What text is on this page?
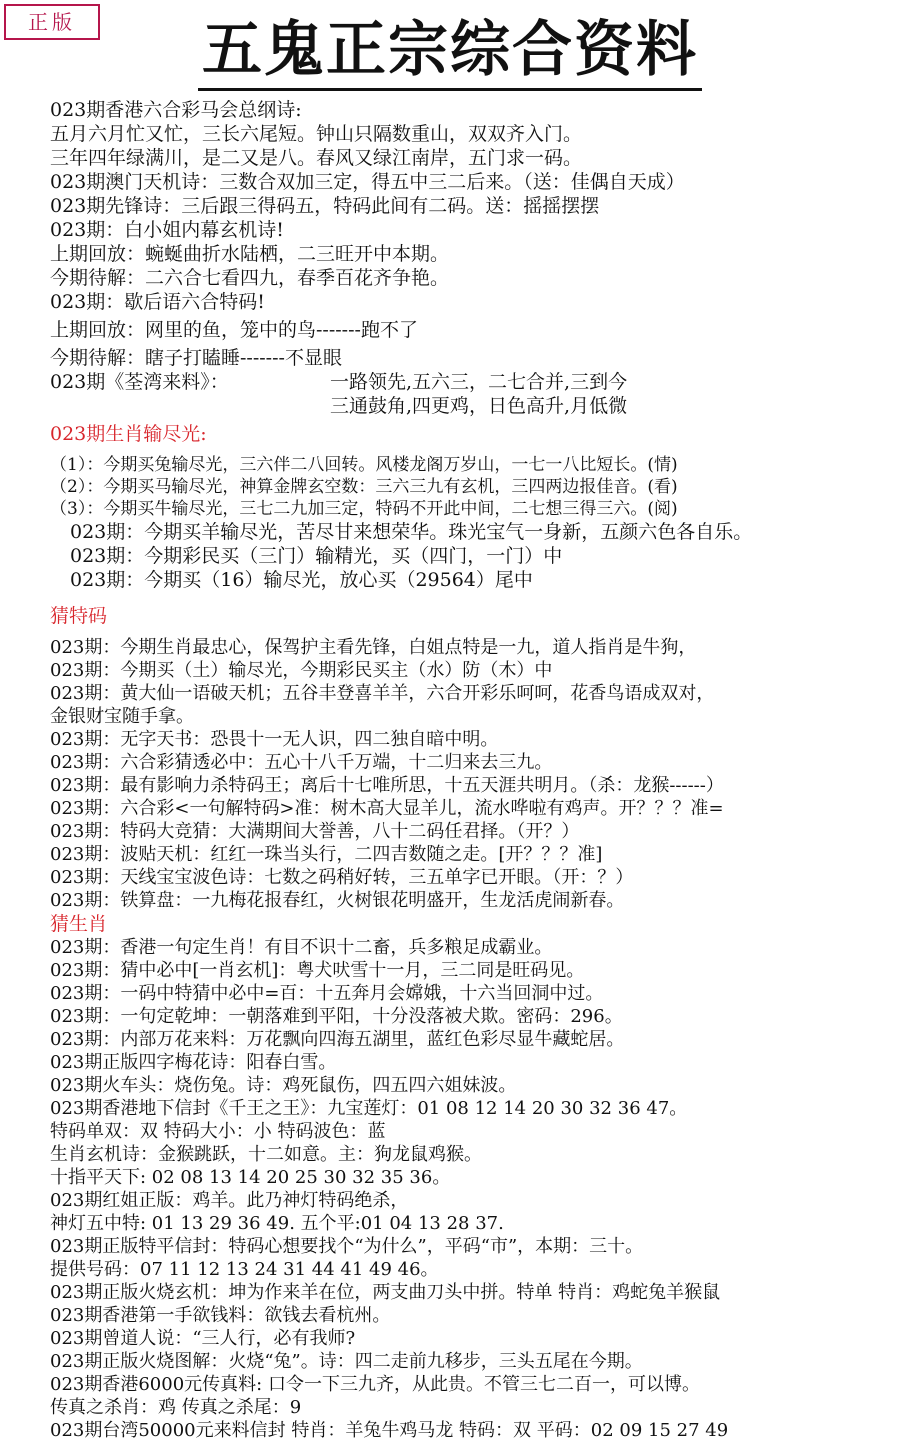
正版	五鬼正宗综合资料
023期香港六合彩马会总纲诗:
五月六月忙又忙，三长六尾短。钟山只隔数重山，双双齐入门。
三年四年绿满川，是二又是八。春风又绿江南岸，五门求一码。
023期澳门天机诗：三数合双加三定，得五中三二后来。（送：佳偶自天成）
023期先锋诗：三后跟三得码五，特码此间有二码。送：摇摇摆摆
023期：白小姐内幕玄机诗!
上期回放：蜿蜒曲折水陆栖，二三旺开中本期。
今期待解：二六合七看四九，春季百花齐争艳。
023期：歇后语六合特码!
上期回放：网里的鱼，笼中的鸟-------跑不了
今期待解：瞎子打瞌睡-------不显眼
023期《荃湾来料》：	一路领先,五六三，二七合并,三到今
三通鼓角,四更鸡，日色高升,月低微
023期生肖输尽光:
（1）：今期买兔输尽光，三六伴二八回转。风楼龙阁万岁山，一七一八比短长。(情)
（2）：今期买马输尽光，神算金牌玄空数：三六三九有玄机，三四两边报佳音。(看)
（3）：今期买牛输尽光，三七二九加三定，特码不开此中间，二七想三得三六。(阅)
023期：今期买羊输尽光，苦尽甘来想荣华。珠光宝气一身新，五颜六色各自乐。
023期：今期彩民买（三门）输精光，买（四门，一门）中
023期：今期买（16）输尽光，放心买（29564）尾中
猜特码
023期：今期生肖最忠心，保驾护主看先锋，白姐点特是一九，道人指肖是牛狗，
023期：今期买（土）输尽光，今期彩民买主（水）防（木）中
023期：黄大仙一语破天机；五谷丰登喜羊羊，六合开彩乐呵呵，花香鸟语成双对，
金银财宝随手拿。
023期：无字天书：恐畏十一无人识，四二独自暗中明。
023期：六合彩猜透必中：五心十八千万端，十二归来去三九。
023期：最有影响力杀特码王；离后十七唯所思，十五天涯共明月。（杀：龙猴------）
023期：六合彩<一句解特码>准：树木高大显羊儿，流水哗啦有鸡声。开？？？准=
023期：特码大竞猜：大满期间大誉善，八十二码任君择。（开？）
023期：波贴天机：红红一珠当头行，二四吉数随之走。[开？？？准]
023期：天线宝宝波色诗：七数之码稍好转，三五单字已开眼。（开：？）
023期：铁算盘：一九梅花报春红，火树银花明盛开，生龙活虎闹新春。
猜生肖
023期：香港一句定生肖！有目不识十二畜，兵多粮足成霸业。
023期：猜中必中[一肖玄机]：粤犬吠雪十一月，三二同是旺码见。
023期：一码中特猜中必中=百：十五奔月会嫦娥，十六当回洞中过。
023期：一句定乾坤：一朝落难到平阳，十分没落被犬欺。密码：296。
023期：内部万花来料：万花飘向四海五湖里，蓝红色彩尽显牛藏蛇居。
023期正版四字梅花诗：阳春白雪。
023期火车头：烧伤兔。诗：鸡死鼠伤，四五四六姐妹波。
023期香港地下信封《千王之王》：九宝莲灯：01 08 12 14 20 30 32 36 47。
特码单双：双 特码大小：小 特码波色：蓝
生肖玄机诗：金猴跳跃，十二如意。主：狗龙鼠鸡猴。
十指平天下: 02 08 13 14 20 25 30 32 35 36。
023期红姐正版：鸡羊。此乃神灯特码绝杀，
神灯五中特: 01 13 29 36 49. 五个平:01 04 13 28 37.
023期正版特平信封：特码心想要找个“为什么”，平码“市”，本期：三十。
提供号码：07 11 12 13 24 31 44 41 49 46。
023期正版火烧玄机：坤为作来羊在位，两支曲刀头中拼。特单 特肖：鸡蛇兔羊猴鼠
023期香港第一手欲钱料：欲钱去看杭州。
023期曾道人说：“三人行，必有我师?
023期正版火烧图解：火烧“兔”。诗：四二走前九移步，三头五尾在今期。
023期香港6000元传真料: 口令一下三九齐，从此贵。不管三七二百一，可以博。
传真之杀肖：鸡 传真之杀尾：9
023期台湾50000元来料信封 特肖：羊兔牛鸡马龙 特码：双 平码：02 09 15 27 49
